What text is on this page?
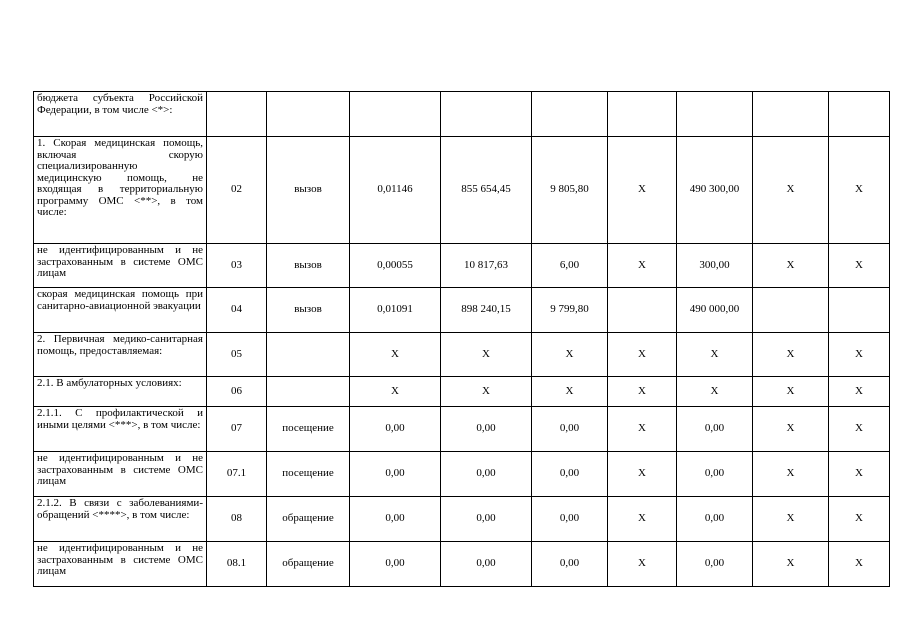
бюджета субъекта Российской Федерации, в том числе <*>:									
1. Скорая медицинская помощь, включая скорую специализированную медицинскую помощь, не входящая в территориальную программу ОМС <**>, в том числе:	02	вызов	0,01146	855 654,45	9 805,80	X	490 300,00	X	X
не идентифицированным и не застрахованным в системе ОМС лицам	03	вызов	0,00055	10 817,63	6,00	X	300,00	X	X
скорая медицинская помощь при санитарно-авиационной эвакуации	04	вызов	0,01091	898 240,15	9 799,80		490 000,00		
2. Первичная медико-санитарная помощь, предоставляемая:	05		X	X	X	X	X	X	X
2.1. В амбулаторных условиях:	06		X	X	X	X	X	X	X
2.1.1. С профилактической и иными целями <***>, в том числе:	07	посещение	0,00	0,00	0,00	X	0,00	X	X
не идентифицированным и не застрахованным в системе ОМС лицам	07.1	посещение	0,00	0,00	0,00	X	0,00	X	X
2.1.2. В связи с заболеваниями-обращений <****>, в том числе:	08	обращение	0,00	0,00	0,00	X	0,00	X	X
не идентифицированным и не застрахованным в системе ОМС лицам	08.1	обращение	0,00	0,00	0,00	X	0,00	X	X
